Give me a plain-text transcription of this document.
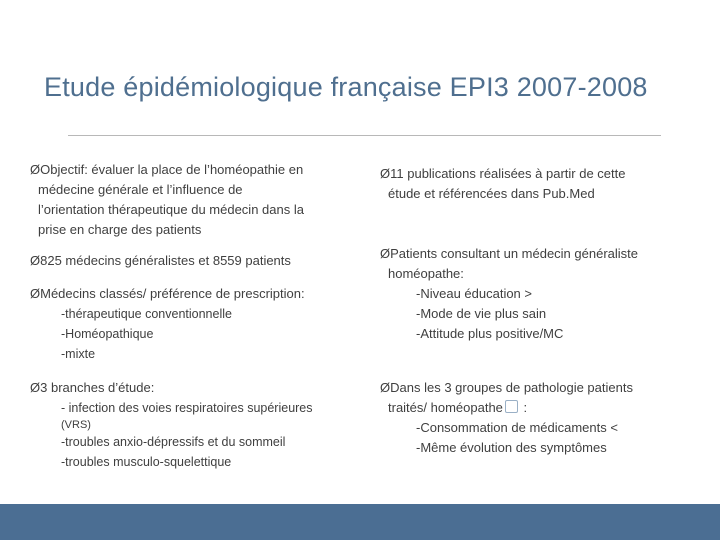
Etude épidémiologique française EPI3 2007-2008
ØObjectif: évaluer la place de l’homéopathie en
médecine générale et l’influence de
l’orientation thérapeutique du médecin dans la
prise en charge des patients
Ø825 médecins généralistes et 8559 patients
ØMédecins classés/ préférence de prescription:
-thérapeutique conventionnelle
-Homéopathique
-mixte
Ø3 branches d’étude:
- infection des voies respiratoires supérieures
(VRS)
-troubles anxio-dépressifs et du sommeil
-troubles musculo-squelettique
Ø11 publications réalisées à partir de cette
étude et référencées dans Pub.Med
ØPatients consultant un médecin généraliste
homéopathe:
-Niveau éducation >
-Mode de vie plus sain
-Attitude plus positive/MC
ØDans les 3 groupes de pathologie patients
traités/ homéopathe :
-Consommation de médicaments <
-Même évolution des symptômes
